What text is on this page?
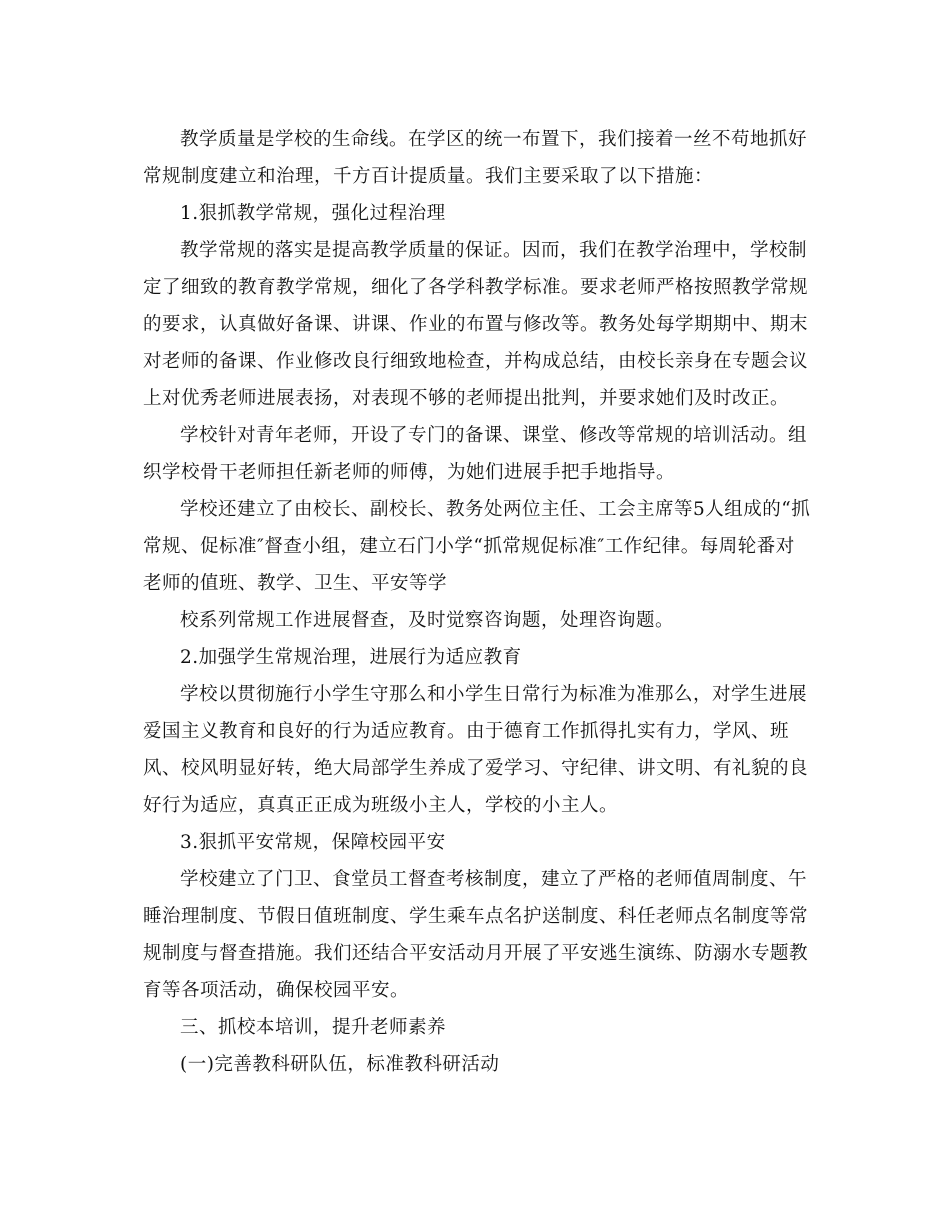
教学质量是学校的生命线。在学区的统一布置下，我们接着一丝不苟地抓好
常规制度建立和治理，千方百计提质量。我们主要采取了以下措施：
1.狠抓教学常规，强化过程治理
教学常规的落实是提高教学质量的保证。因而，我们在教学治理中，学校制
定了细致的教育教学常规，细化了各学科教学标准。要求老师严格按照教学常规
的要求，认真做好备课、讲课、作业的布置与修改等。教务处每学期期中、期末
对老师的备课、作业修改良行细致地检查，并构成总结，由校长亲身在专题会议
上对优秀老师进展表扬，对表现不够的老师提出批判，并要求她们及时改正。
学校针对青年老师，开设了专门的备课、课堂、修改等常规的培训活动。组
织学校骨干老师担任新老师的师傅，为她们进展手把手地指导。
学校还建立了由校长、副校长、教务处两位主任、工会主席等5人组成的“抓
常规、促标准″督查小组，建立石门小学“抓常规促标准″工作纪律。每周轮番对
老师的值班、教学、卫生、平安等学
校系列常规工作进展督查，及时觉察咨询题，处理咨询题。
2.加强学生常规治理，进展行为适应教育
学校以贯彻施行小学生守那么和小学生日常行为标准为准那么，对学生进展
爱国主义教育和良好的行为适应教育。由于德育工作抓得扎实有力，学风、班
风、校风明显好转，绝大局部学生养成了爱学习、守纪律、讲文明、有礼貌的良
好行为适应，真真正正成为班级小主人，学校的小主人。
3.狠抓平安常规，保障校园平安
学校建立了门卫、食堂员工督查考核制度，建立了严格的老师值周制度、午
睡治理制度、节假日值班制度、学生乘车点名护送制度、科任老师点名制度等常
规制度与督查措施。我们还结合平安活动月开展了平安逃生演练、防溺水专题教
育等各项活动，确保校园平安。
三、抓校本培训，提升老师素养
(一)完善教科研队伍，标准教科研活动
